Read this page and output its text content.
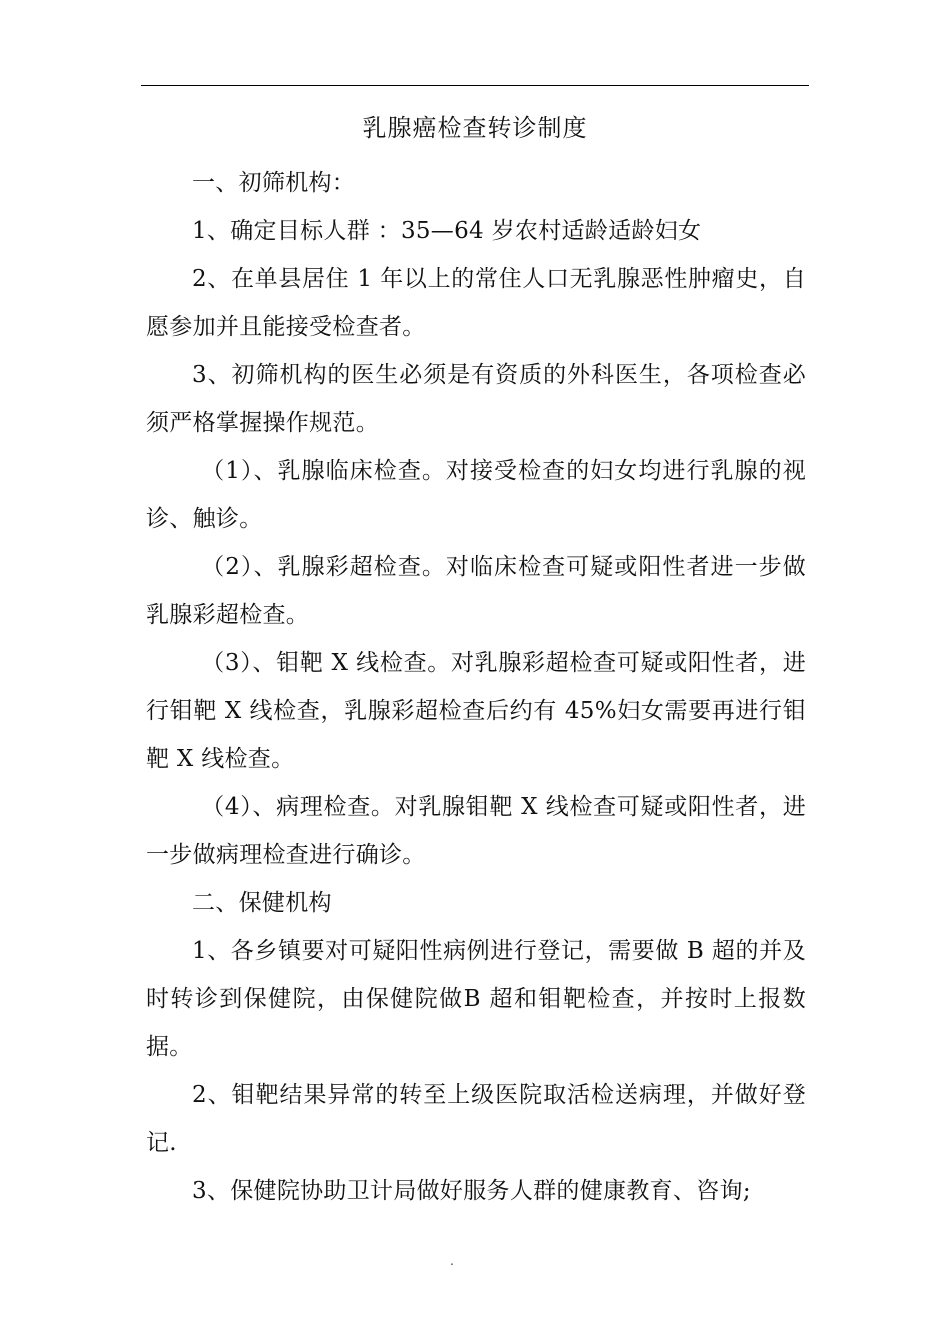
乳腺癌检查转诊制度

一、初筛机构：

1、确定目标人群 ：35—64 岁农村适龄适龄妇女

2、在单县居住 1 年以上的常住人口无乳腺恶性肿瘤史，自愿参加并且能接受检查者。

3、初筛机构的医生必须是有资质的外科医生，各项检查必须严格掌握操作规范。

（1）、乳腺临床检查。对接受检查的妇女均进行乳腺的视诊、触诊。

（2）、乳腺彩超检查。对临床检查可疑或阳性者进一步做乳腺彩超检查。

（3）、钼靶 X 线检查。对乳腺彩超检查可疑或阳性者，进行钼靶 X 线检查，乳腺彩超检查后约有 45%妇女需要再进行钼靶 X 线检查。

（4）、病理检查。对乳腺钼靶 X 线检查可疑或阳性者，进一步做病理检查进行确诊。

二、保健机构

1、各乡镇要对可疑阳性病例进行登记，需要做 B 超的并及时转诊到保健院，由保健院做B 超和钼靶检查，并按时上报数据。

2、钼靶结果异常的转至上级医院取活检送病理，并做好登记.

3、保健院协助卫计局做好服务人群的健康教育、咨询;

.
